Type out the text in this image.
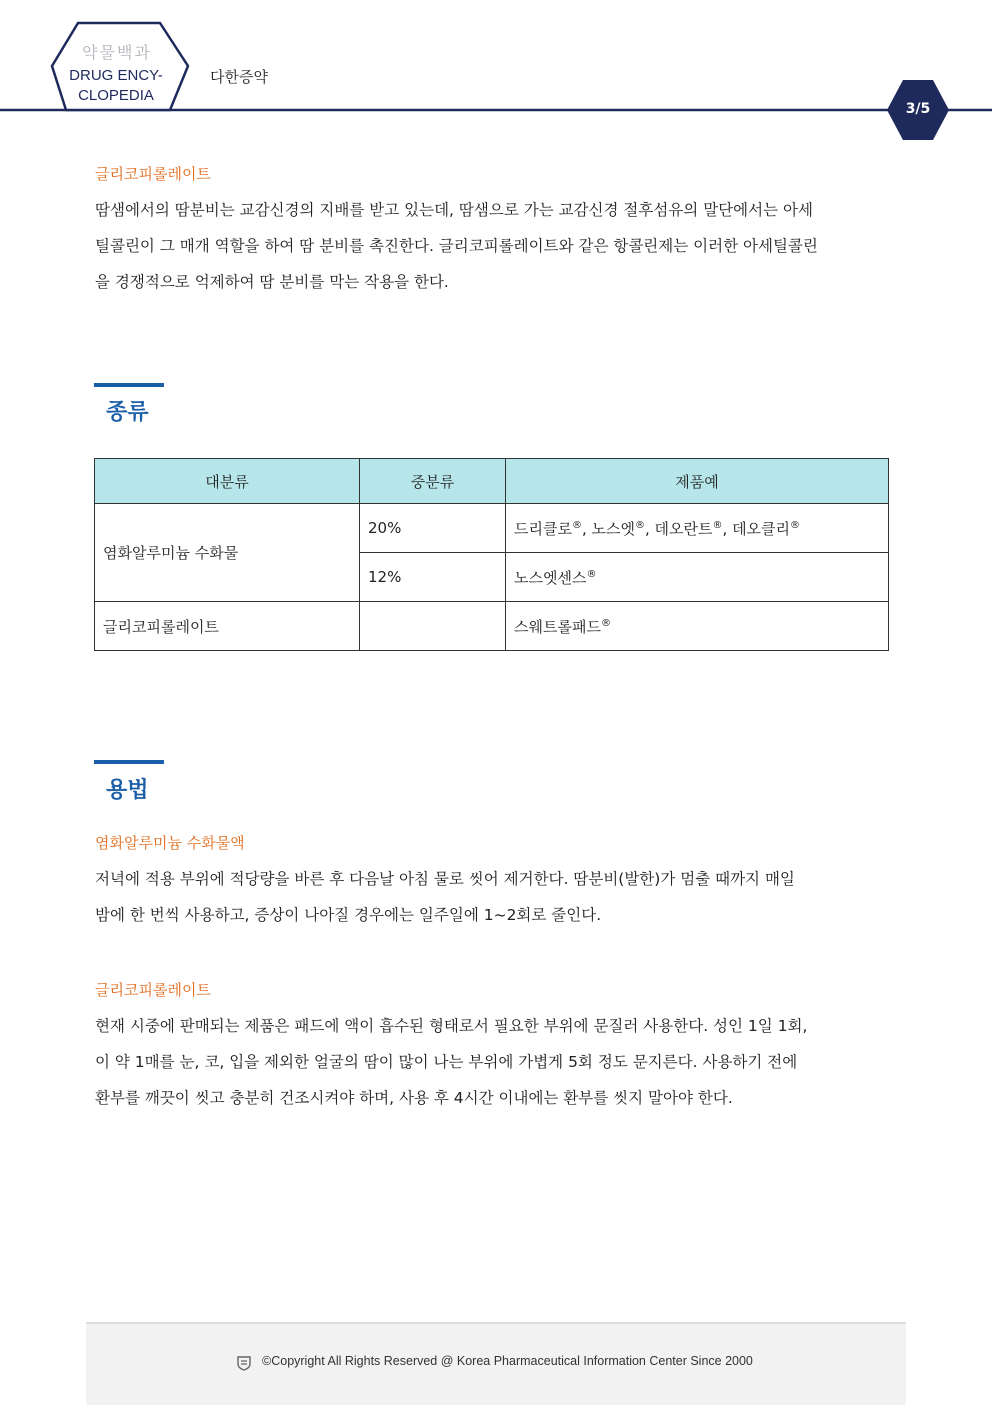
약물백과
DRUG ENCY-
CLOPEDIA
다한증약
3/5
글리코피롤레이트
땀샘에서의 땀분비는 교감신경의 지배를 받고 있는데, 땀샘으로 가는 교감신경 절후섬유의 말단에서는 아세
틸콜린이 그 매개 역할을 하여 땀 분비를 촉진한다. 글리코피롤레이트와 같은 항콜린제는 이러한 아세틸콜린
을 경쟁적으로 억제하여 땀 분비를 막는 작용을 한다.
종류
대분류	중분류	제품예
염화알루미늄 수화물	20%	드리클로®, 노스엣®, 데오란트®, 데오클리®
	12%	노스엣센스®
글리코피롤레이트		스웨트롤패드®
용법
염화알루미늄 수화물액
저녁에 적용 부위에 적당량을 바른 후 다음날 아침 물로 씻어 제거한다. 땀분비(발한)가 멈출 때까지 매일
밤에 한 번씩 사용하고, 증상이 나아질 경우에는 일주일에 1~2회로 줄인다.
글리코피롤레이트
현재 시중에 판매되는 제품은 패드에 액이 흡수된 형태로서 필요한 부위에 문질러 사용한다. 성인 1일 1회,
이 약 1매를 눈, 코, 입을 제외한 얼굴의 땀이 많이 나는 부위에 가볍게 5회 정도 문지른다. 사용하기 전에
환부를 깨끗이 씻고 충분히 건조시켜야 하며, 사용 후 4시간 이내에는 환부를 씻지 말아야 한다.
©Copyright All Rights Reserved @ Korea Pharmaceutical Information Center Since 2000
